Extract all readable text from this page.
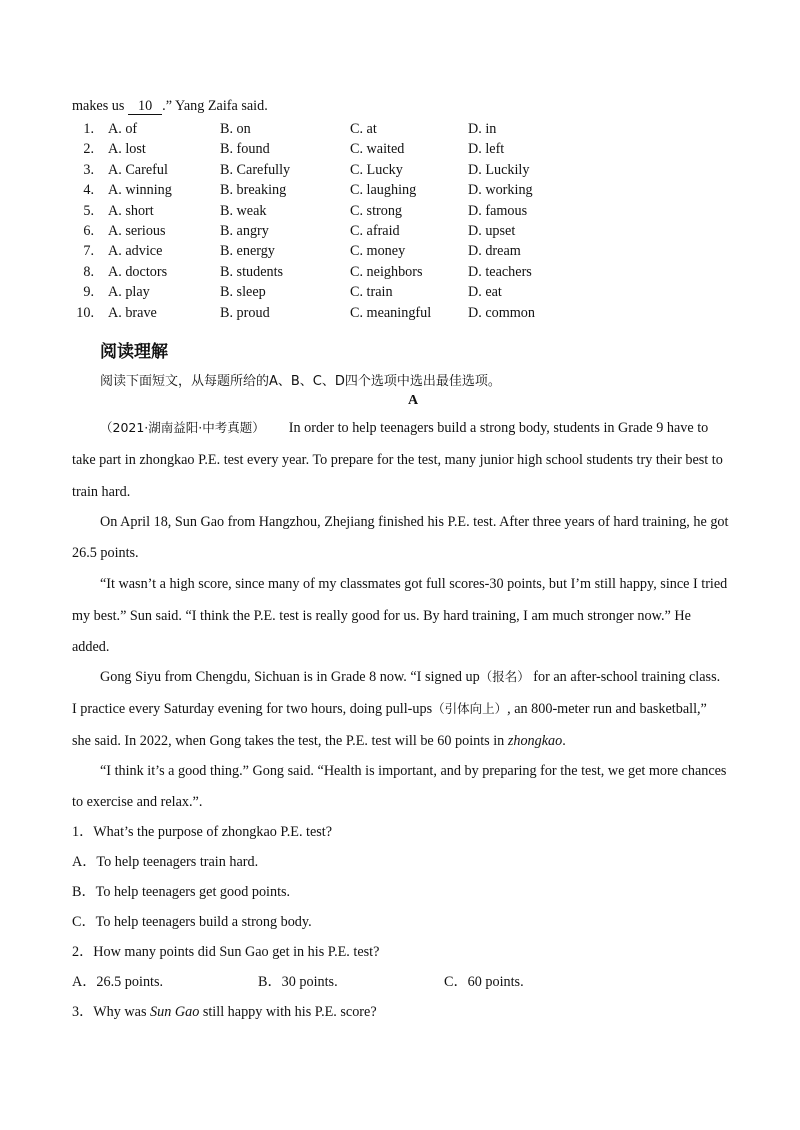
makes us 10 .” Yang Zaifa said.
1. A. of	B. on	C. at	D. in
2. A. lost	B. found	C. waited	D. left
3. A. Careful	B. Carefully	C. Lucky	D. Luckily
4. A. winning	B. breaking	C. laughing	D. working
5. A. short	B. weak	C. strong	D. famous
6. A. serious	B. angry	C. afraid	D. upset
7. A. advice	B. energy	C. money	D. dream
8. A. doctors	B. students	C. neighbors	D. teachers
9. A. play	B. sleep	C. train	D. eat
10. A. brave	B. proud	C. meaningful	D. common
阅读理解
阅读下面短文，从每题所给的A、B、C、D四个选项中选出最佳选项。
A
（2021·湖南益阳·中考真题） In order to help teenagers build a strong body, students in Grade 9 have to
take part in zhongkao P.E. test every year. To prepare for the test, many junior high school students try their best to
train hard.
On April 18, Sun Gao from Hangzhou, Zhejiang finished his P.E. test. After three years of hard training, he got
26.5 points.
“It wasn’t a high score, since many of my classmates got full scores-30 points, but I’m still happy, since I tried
my best.” Sun said. “I think the P.E. test is really good for us. By hard training, I am much stronger now.” He
added.
Gong Siyu from Chengdu, Sichuan is in Grade 8 now. “I signed up（报名） for an after-school training class.
I practice every Saturday evening for two hours, doing pull-ups（引体向上）, an 800-meter run and basketball,”
she said. In 2022, when Gong takes the test, the P.E. test will be 60 points in zhongkao.
“I think it’s a good thing.” Gong said. “Health is important, and by preparing for the test, we get more chances
to exercise and relax.”.
1．What’s the purpose of zhongkao P.E. test?
A．To help teenagers train hard.
B．To help teenagers get good points.
C．To help teenagers build a strong body.
2．How many points did Sun Gao get in his P.E. test?
A．26.5 points.	B．30 points.	C．60 points.
3．Why was Sun Gao still happy with his P.E. score?
